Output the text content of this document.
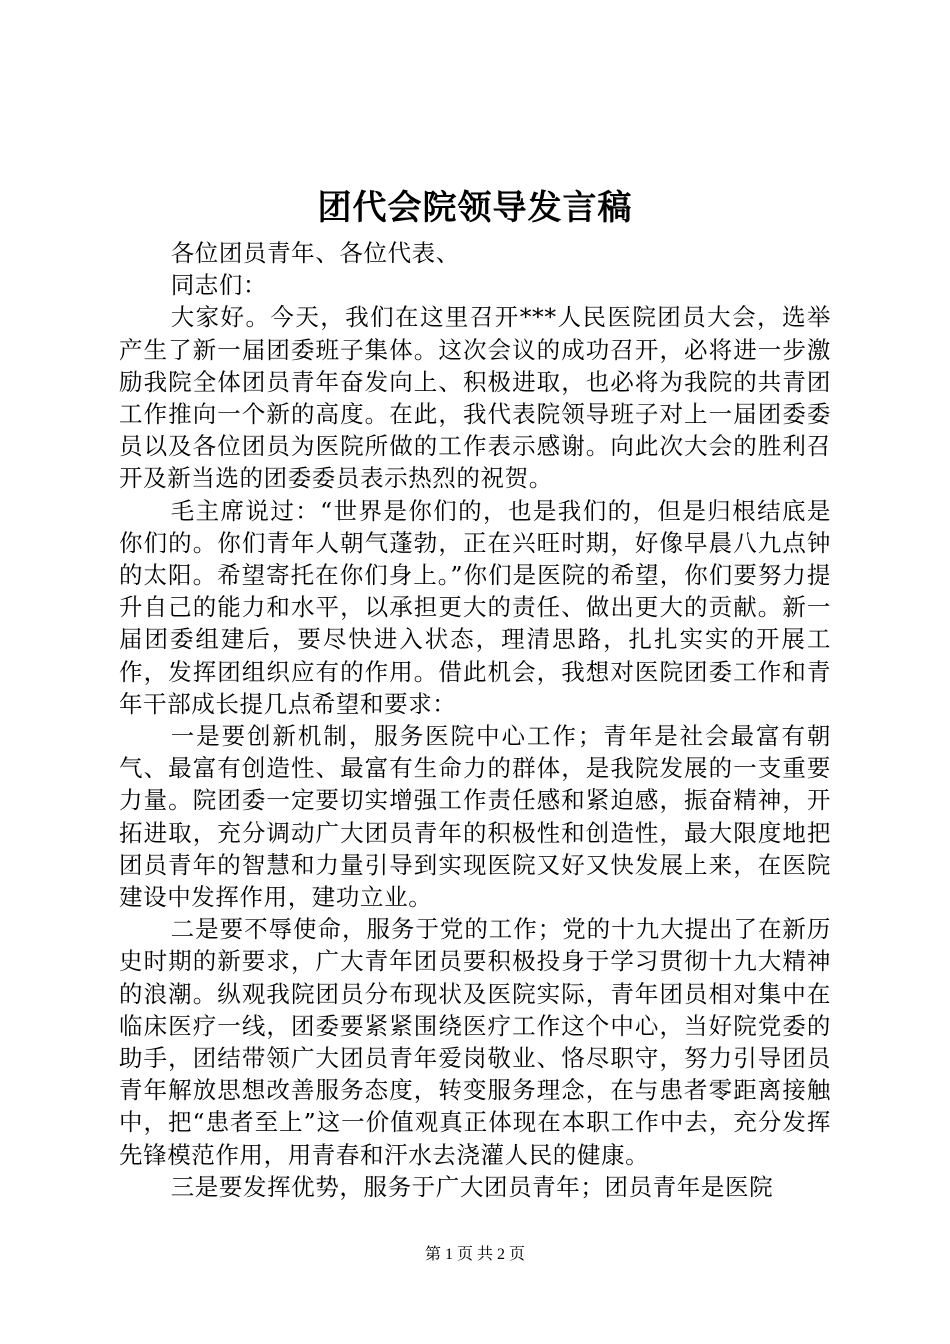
团代会院领导发言稿

各位团员青年、各位代表、

同志们：

大家好。今天，我们在这里召开***人民医院团员大会，选举产生了新一届团委班子集体。这次会议的成功召开，必将进一步激励我院全体团员青年奋发向上、积极进取，也必将为我院的共青团工作推向一个新的高度。在此，我代表院领导班子对上一届团委委员以及各位团员为医院所做的工作表示感谢。向此次大会的胜利召开及新当选的团委委员表示热烈的祝贺。

毛主席说过：“世界是你们的，也是我们的，但是归根结底是你们的。你们青年人朝气蓬勃，正在兴旺时期，好像早晨八九点钟的太阳。希望寄托在你们身上。”你们是医院的希望，你们要努力提升自己的能力和水平，以承担更大的责任、做出更大的贡献。新一届团委组建后，要尽快进入状态，理清思路，扎扎实实的开展工作，发挥团组织应有的作用。借此机会，我想对医院团委工作和青年干部成长提几点希望和要求：

一是要创新机制，服务医院中心工作；青年是社会最富有朝气、最富有创造性、最富有生命力的群体，是我院发展的一支重要力量。院团委一定要切实增强工作责任感和紧迫感，振奋精神，开拓进取，充分调动广大团员青年的积极性和创造性，最大限度地把团员青年的智慧和力量引导到实现医院又好又快发展上来，在医院建设中发挥作用，建功立业。

二是要不辱使命，服务于党的工作；党的十九大提出了在新历史时期的新要求，广大青年团员要积极投身于学习贯彻十九大精神的浪潮。纵观我院团员分布现状及医院实际，青年团员相对集中在临床医疗一线，团委要紧紧围绕医疗工作这个中心，当好院党委的助手，团结带领广大团员青年爱岗敬业、恪尽职守，努力引导团员青年解放思想改善服务态度，转变服务理念，在与患者零距离接触中，把“患者至上”这一价值观真正体现在本职工作中去，充分发挥先锋模范作用，用青春和汗水去浇灌人民的健康。

三是要发挥优势，服务于广大团员青年；团员青年是医院

第 1 页 共 2 页
